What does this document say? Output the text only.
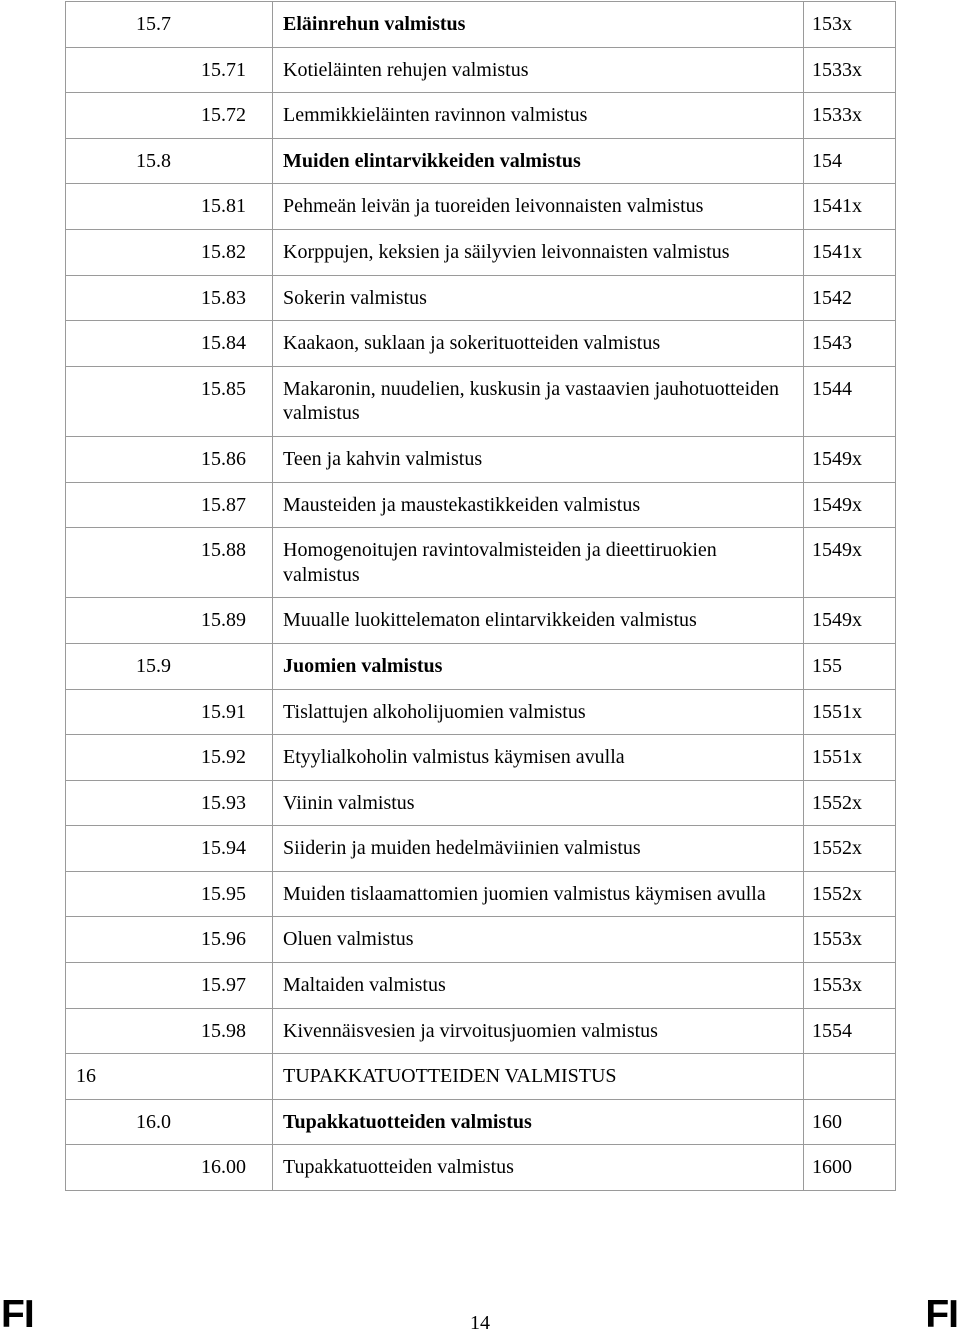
15.7	Eläinrehun valmistus	153x
15.71	Kotieläinten rehujen valmistus	1533x
15.72	Lemmikkieläinten ravinnon valmistus	1533x
15.8	Muiden elintarvikkeiden valmistus	154
15.81	Pehmeän leivän ja tuoreiden leivonnaisten valmistus	1541x
15.82	Korppujen, keksien ja säilyvien leivonnaisten valmistus	1541x
15.83	Sokerin valmistus	1542
15.84	Kaakaon, suklaan ja sokerituotteiden valmistus	1543
15.85	Makaronin, nuudelien, kuskusin ja vastaavien jauhotuotteiden valmistus	1544
15.86	Teen ja kahvin valmistus	1549x
15.87	Mausteiden ja maustekastikkeiden valmistus	1549x
15.88	Homogenoitujen ravintovalmisteiden ja dieettiruokien valmistus	1549x
15.89	Muualle luokittelematon elintarvikkeiden valmistus	1549x
15.9	Juomien valmistus	155
15.91	Tislattujen alkoholijuomien valmistus	1551x
15.92	Etyylialkoholin valmistus käymisen avulla	1551x
15.93	Viinin valmistus	1552x
15.94	Siiderin ja muiden hedelmäviinien valmistus	1552x
15.95	Muiden tislaamattomien juomien valmistus käymisen avulla	1552x
15.96	Oluen valmistus	1553x
15.97	Maltaiden valmistus	1553x
15.98	Kivennäisvesien ja virvoitusjuomien valmistus	1554
16	TUPAKKATUOTTEIDEN VALMISTUS	
16.0	Tupakkatuotteiden valmistus	160
16.00	Tupakkatuotteiden valmistus	1600
FI	14	FI
